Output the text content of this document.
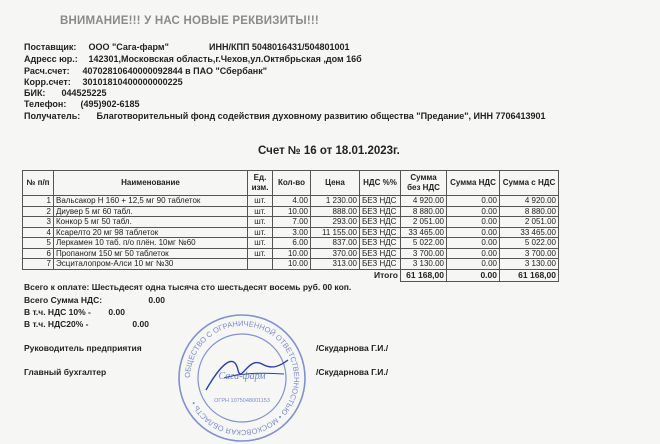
ВНИМАНИЕ!!! У НАС НОВЫЕ РЕКВИЗИТЫ!!!
Поставщик: ООО "Сага-фарм"	ИНН/КПП 5048016431/504801001
Адресс юр.: 142301,Московская область,г.Чехов,ул.Октябрьская ,дом 16б
Расч.счет: 40702810640000092844 в ПАО "Сбербанк"
Корр.счет: 30101810400000000225
БИК: 044525225
Телефон: (495)902-6185
Получатель: Благотворительный фонд содействия духовному развитию общества "Предание", ИНН 7706413901
Счет № 16 от 18.01.2023г.
№ п/п	Наименование	Ед. изм.	Кол-во	Цена	НДС %%	Сумма без НДС	Сумма НДС	Сумма с НДС
1	Вальсакор Н 160 + 12,5 мг 90 таблеток	шт.	4.00	1 230.00	БЕЗ НДС	4 920.00	0.00	4 920.00
2	Диувер 5 мг 60 табл.	шт.	10.00	888.00	БЕЗ НДС	8 880.00	0.00	8 880.00
3	Конкор 5 мг 50 табл.	шт.	7.00	293.00	БЕЗ НДС	2 051.00	0.00	2 051.00
4	Ксарелто 20 мг 98 таблеток	шт.	3.00	11 155.00	БЕЗ НДС	33 465.00	0.00	33 465.00
5	Леркамен 10 таб. п/о плён. 10мг №60	шт.	6.00	837.00	БЕЗ НДС	5 022.00	0.00	5 022.00
6	Пропаноrм 150 мг 50 таблеток	шт.	10.00	370.00	БЕЗ НДС	3 700.00	0.00	3 700.00
7	Эсциталопром-Алси 10 мг №30		10.00	313.00	БЕЗ НДС	3 130.00	0.00	3 130.00
					Итого	61 168,00	0.00	61 168,00
Всего к оплате: Шестьдесят одна тысяча сто шестьдесят восемь руб. 00 коп.
Всего Сумма НДС:	0.00
В т.ч. НДС 10% - 0.00
В т.ч. НДС20% -	0.00
Руководитель предприятия	/Скударнова Г.И./
Главный бухгалтер	/Скударнова Г.И./
ОБЩЕСТВО С ОГРАНИЧЕННОЙ ОТВЕТСТВЕННОСТЬЮ • МОСКОВСКАЯ ОБЛАСТЬ •
Сага-фарм
ОГРН 1075048001153
